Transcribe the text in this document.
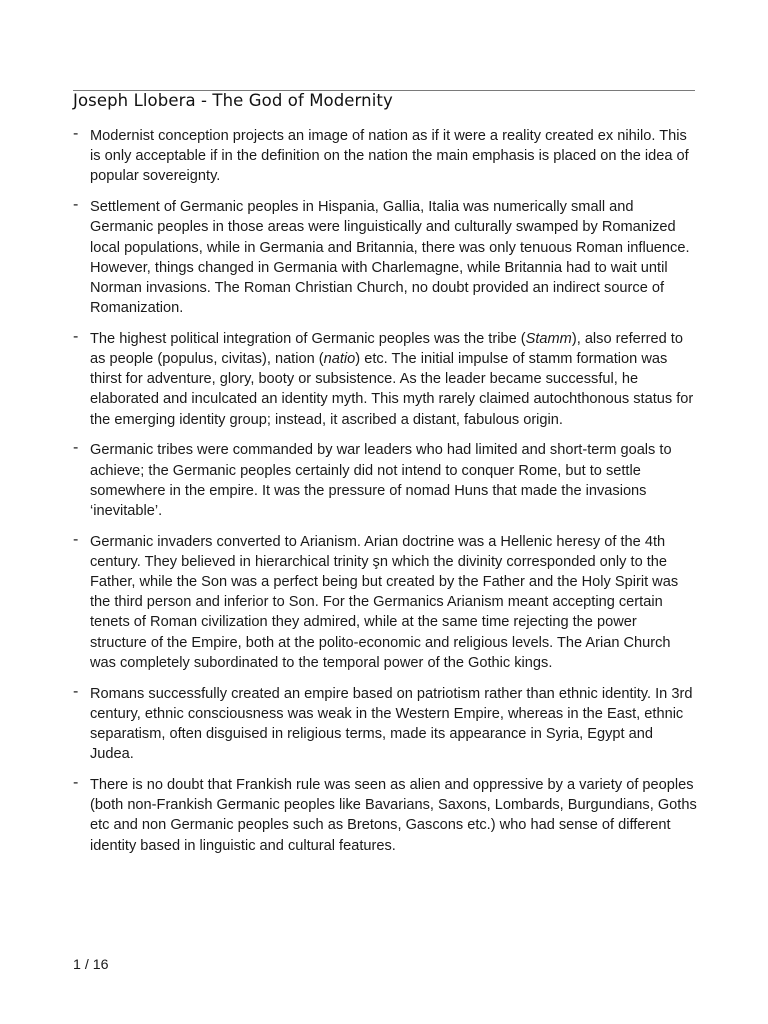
Joseph Llobera - The God of Modernity
- Modernist conception projects an image of nation as if it were a reality created ex nihilo. This is only acceptable if in the definition on the nation the main emphasis is placed on the idea of popular sovereignty.
- Settlement of Germanic peoples in Hispania, Gallia, Italia was numerically small and Germanic peoples in those areas were linguistically and culturally swamped by Romanized local populations, while in Germania and Britannia, there was only tenuous Roman influence. However, things changed in Germania with Charlemagne, while Britannia had to wait until Norman invasions. The Roman Christian Church, no doubt provided an indirect source of Romanization.
- The highest political integration of Germanic peoples was the tribe (Stamm), also referred to as people (populus, civitas), nation (natio) etc. The initial impulse of stamm formation was thirst for adventure, glory, booty or subsistence. As the leader became successful, he elaborated and inculcated an identity myth. This myth rarely claimed autochthonous status for the emerging identity group; instead, it ascribed a distant, fabulous origin.
- Germanic tribes were commanded by war leaders who had limited and short-term goals to achieve; the Germanic peoples certainly did not intend to conquer Rome, but to settle somewhere in the empire. It was the pressure of nomad Huns that made the invasions ‘inevitable’.
- Germanic invaders converted to Arianism. Arian doctrine was a Hellenic heresy of the 4th century. They believed in hierarchical trinity şn which the divinity corresponded only to the Father, while the Son was a perfect being but created by the Father and the Holy Spirit was the third person and inferior to Son. For the Germanics Arianism meant accepting certain tenets of Roman civilization they admired, while at the same time rejecting the power structure of the Empire, both at the polito-economic and religious levels. The Arian Church was completely subordinated to the temporal power of the Gothic kings.
- Romans successfully created an empire based on patriotism rather than ethnic identity. In 3rd century, ethnic consciousness was weak in the Western Empire, whereas in the East, ethnic separatism, often disguised in religious terms, made its appearance in Syria, Egypt and Judea.
- There is no doubt that Frankish rule was seen as alien and oppressive by a variety of peoples (both non-Frankish Germanic peoples like Bavarians, Saxons, Lombards, Burgundians, Goths etc and non Germanic peoples such as Bretons, Gascons etc.) who had sense of different identity based in linguistic and cultural features.
1 / 16
